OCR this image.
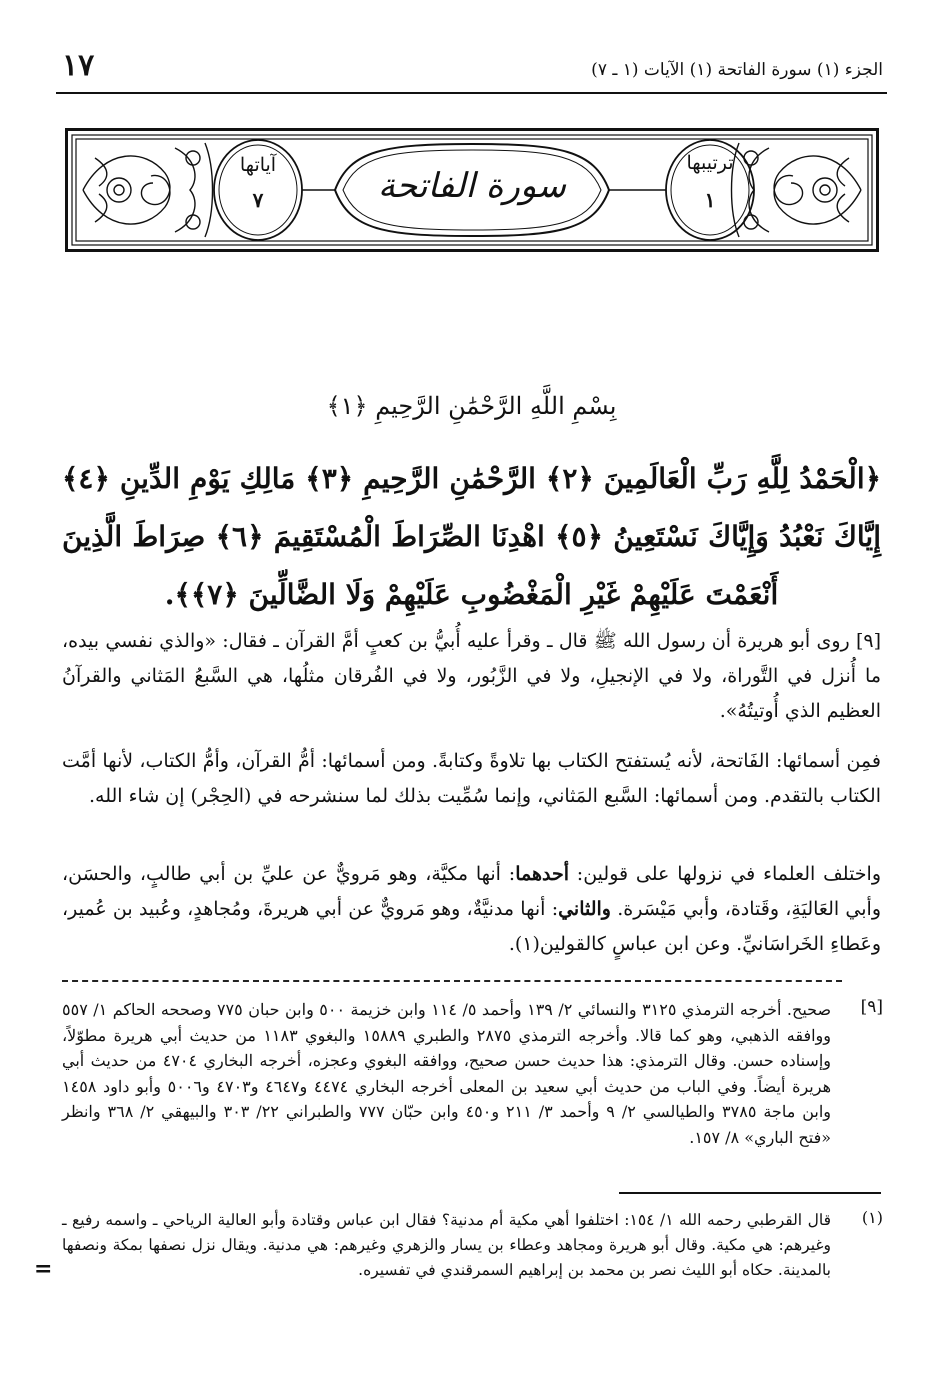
١٧	الجزء (١) سورة الفاتحة (١) الآيات (١ ـ ٧)
سورة الفاتحة
ترتيبها
١
آياتها
٧
بِسْمِ اللَّهِ الرَّحْمَٰنِ الرَّحِيمِ ﴿١﴾
﴿الْحَمْدُ لِلَّهِ رَبِّ الْعَالَمِينَ ﴿٢﴾ الرَّحْمَٰنِ الرَّحِيمِ ﴿٣﴾ مَالِكِ يَوْمِ الدِّينِ ﴿٤﴾ إِيَّاكَ نَعْبُدُ وَإِيَّاكَ نَسْتَعِينُ ﴿٥﴾ اهْدِنَا الصِّرَاطَ الْمُسْتَقِيمَ ﴿٦﴾ صِرَاطَ الَّذِينَ أَنْعَمْتَ عَلَيْهِمْ غَيْرِ الْمَغْضُوبِ عَلَيْهِمْ وَلَا الضَّالِّينَ ﴿٧﴾﴾.
[٩] روى أبو هريرة أن رسول الله ﷺ قال ـ وقرأ عليه أُبيُّ بن كعبٍ أمَّ القرآن ـ فقال: «والذي نفسي بيده، ما أُنزل في التَّوراة، ولا في الإنجيلِ، ولا في الزَّبُور، ولا في الفُرقان مثلُها، هي السَّبعُ المَثاني والقرآنُ العظيم الذي أُوتيتُهُ».
فمِن أسمائها: الفَاتحة، لأنه يُستفتح الكتاب بها تلاوةً وكتابةً. ومن أسمائها: أمُّ القرآن، وأمُّ الكتاب، لأنها أمَّت الكتاب بالتقدم. ومن أسمائها: السَّبع المَثاني، وإنما سُمِّيت بذلك لما سنشرحه في (الحِجْر) إن شاء الله.
واختلف العلماء في نزولها على قولين: أحدهما: أنها مكيَّة، وهو مَرويٌّ عن عليِّ بن أبي طالبٍ، والحسَن، وأبي العَاليَةِ، وقَتادة، وأبي مَيْسَرة. والثاني: أنها مدنيَّةٌ، وهو مَرويٌّ عن أبي هريرةَ، ومُجاهدٍ، وعُبيد بن عُمير، وعَطاءِ الخَراسَانيِّ. وعن ابن عباسٍ كالقولين(١).
[٩]
صحيح. أخرجه الترمذي ٣١٢٥ والنسائي ٢/ ١٣٩ وأحمد ٥/ ١١٤ وابن خزيمة ٥٠٠ وابن حبان ٧٧٥ وصححه الحاكم ١/ ٥٥٧ ووافقه الذهبي، وهو كما قالا. وأخرجه الترمذي ٢٨٧٥ والطبري ١٥٨٨٩ والبغوي ١١٨٣ من حديث أبي هريرة مطوّلاً، وإسناده حسن. وقال الترمذي: هذا حديث حسن صحيح، ووافقه البغوي وعجزه، أخرجه البخاري ٤٧٠٤ من حديث أبي هريرة أيضاً. وفي الباب من حديث أبي سعيد بن المعلى أخرجه البخاري ٤٤٧٤ و٤٦٤٧ و٤٧٠٣ و٥٠٠٦ وأبو داود ١٤٥٨ وابن ماجة ٣٧٨٥ والطيالسي ٢/ ٩ وأحمد ٣/ ٢١١ و٤٥٠ وابن حبّان ٧٧٧ والطبراني ٢٢/ ٣٠٣ والبيهقي ٢/ ٣٦٨ وانظر «فتح الباري» ٨/ ١٥٧.
(١)
قال القرطبي رحمه الله ١/ ١٥٤: اختلفوا أهي مكية أم مدنية؟ فقال ابن عباس وقتادة وأبو العالية الرياحي ـ واسمه رفيع ـ وغيرهم: هي مكية. وقال أبو هريرة ومجاهد وعطاء بن يسار والزهري وغيرهم: هي مدنية. ويقال نزل نصفها بمكة ونصفها بالمدينة. حكاه أبو الليث نصر بن محمد بن إبراهيم السمرقندي في تفسيره.
=
